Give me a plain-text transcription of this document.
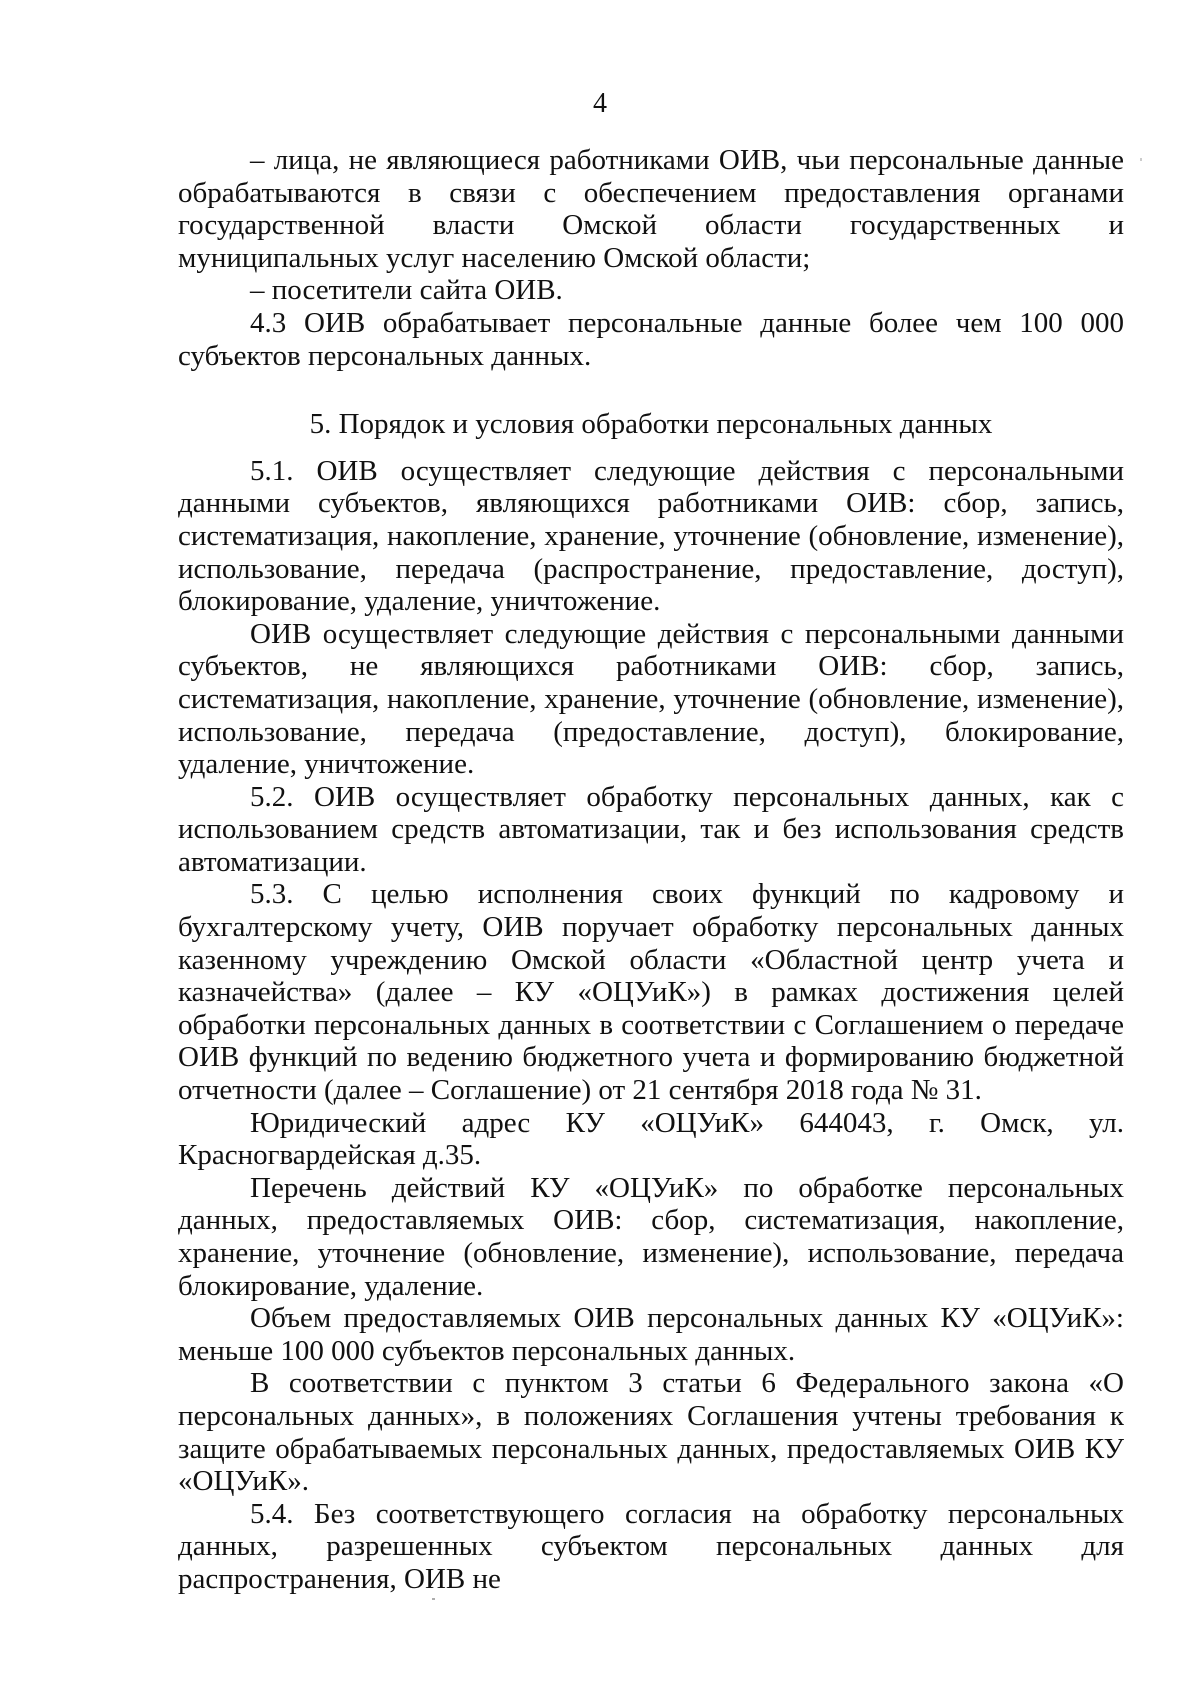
4

– лица, не являющиеся работниками ОИВ, чьи персональные данные обрабатываются в связи с обеспечением предоставления органами государственной власти Омской области государственных и муниципальных услуг населению Омской области;

– посетители сайта ОИВ.

4.3 ОИВ обрабатывает персональные данные более чем 100 000 субъектов персональных данных.

5. Порядок и условия обработки персональных данных

5.1. ОИВ осуществляет следующие действия с персональными данными субъектов, являющихся работниками ОИВ: сбор, запись, систематизация, накопление, хранение, уточнение (обновление, изменение), использование, передача (распространение, предоставление, доступ), блокирование, удаление, уничтожение.

ОИВ осуществляет следующие действия с персональными данными субъектов, не являющихся работниками ОИВ: сбор, запись, систематизация, накопление, хранение, уточнение (обновление, изменение), использование, передача (предоставление, доступ), блокирование, удаление, уничтожение.

5.2. ОИВ осуществляет обработку персональных данных, как с использованием средств автоматизации, так и без использования средств автоматизации.

5.3. С целью исполнения своих функций по кадровому и бухгалтерскому учету, ОИВ поручает обработку персональных данных казенному учреждению Омской области «Областной центр учета и казначейства» (далее – КУ «ОЦУиК») в рамках достижения целей обработки персональных данных в соответствии с Соглашением о передаче ОИВ функций по ведению бюджетного учета и формированию бюджетной отчетности (далее – Соглашение) от 21 сентября 2018 года № 31.

Юридический адрес КУ «ОЦУиК» 644043, г. Омск, ул. Красногвардейская д.35.

Перечень действий КУ «ОЦУиК» по обработке персональных данных, предоставляемых ОИВ: сбор, систематизация, накопление, хранение, уточнение (обновление, изменение), использование, передача блокирование, удаление.

Объем предоставляемых ОИВ персональных данных КУ «ОЦУиК»: меньше 100 000 субъектов персональных данных.

В соответствии с пунктом 3 статьи 6 Федерального закона «О персональных данных», в положениях Соглашения учтены требования к защите обрабатываемых персональных данных, предоставляемых ОИВ КУ «ОЦУиК».

5.4. Без соответствующего согласия на обработку персональных данных, разрешенных субъектом персональных данных для распространения, ОИВ не
